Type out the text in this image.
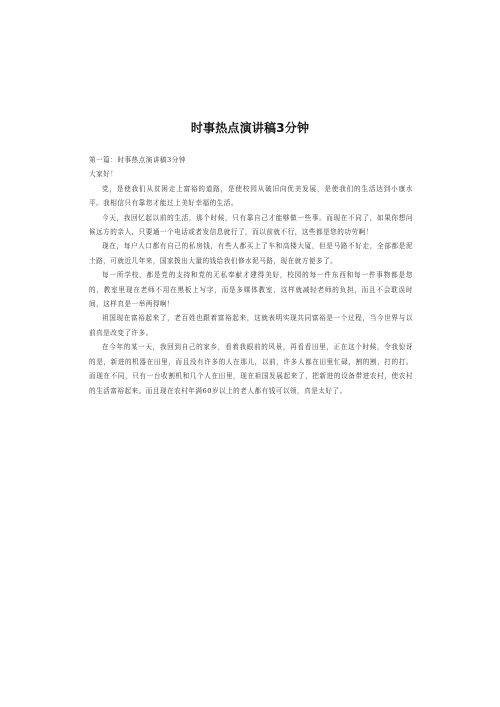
时事热点演讲稿3分钟

第一篇：时事热点演讲稿3分钟

大家好！

党，是使我们从贫困走上富裕的道路，是使校园从破旧向优美发展，是使我们的生活达到小康水平。我相信只有靠您才能过上美好幸福的生活。

今天，我回忆起以前的生活，那个时候，只有靠自己才能够做一些事。而现在不同了，如果你想问候远方的亲人，只要通一个电话或者发信息就行了，而以前就不行，这些都是您的功劳啊！

现在，每户人口都有自己的私房钱，有些人都买上了车和高楼大厦，但是马路不好走，全部都是泥土路，可就近几年来，国家拨出大量的钱给我们修水泥马路，现在就方便多了。

每一所学校，都是党的支持和党的无私奉献才建得美好，校园的每一件东西和每一件事物都是您的，教室里现在老师不用在黑板上写字，而是多媒体教室，这样就减轻老师的负担，而且不会耽误时间，这样真是一举两得啊！

祖国现在富裕起来了，老百姓也跟着富裕起来，这就表明实现共同富裕是一个过程，当今世界与以前真是改变了许多。

在今年的某一天，我回到自己的家乡，看着我眼前的风景，再看看田里，正在这个时候，令我惊讶的是，新进的机器在田里，而且没有许多的人在那儿，以前，许多人都在田里忙碌，割的割，打的打。而现在不同，只有一台收割机和几个人在田里，现在祖国发展起来了，把新进的设备带进农村，使农村的生活富裕起来。而且现在农村年满60岁以上的老人都有钱可以领，真是太好了。
